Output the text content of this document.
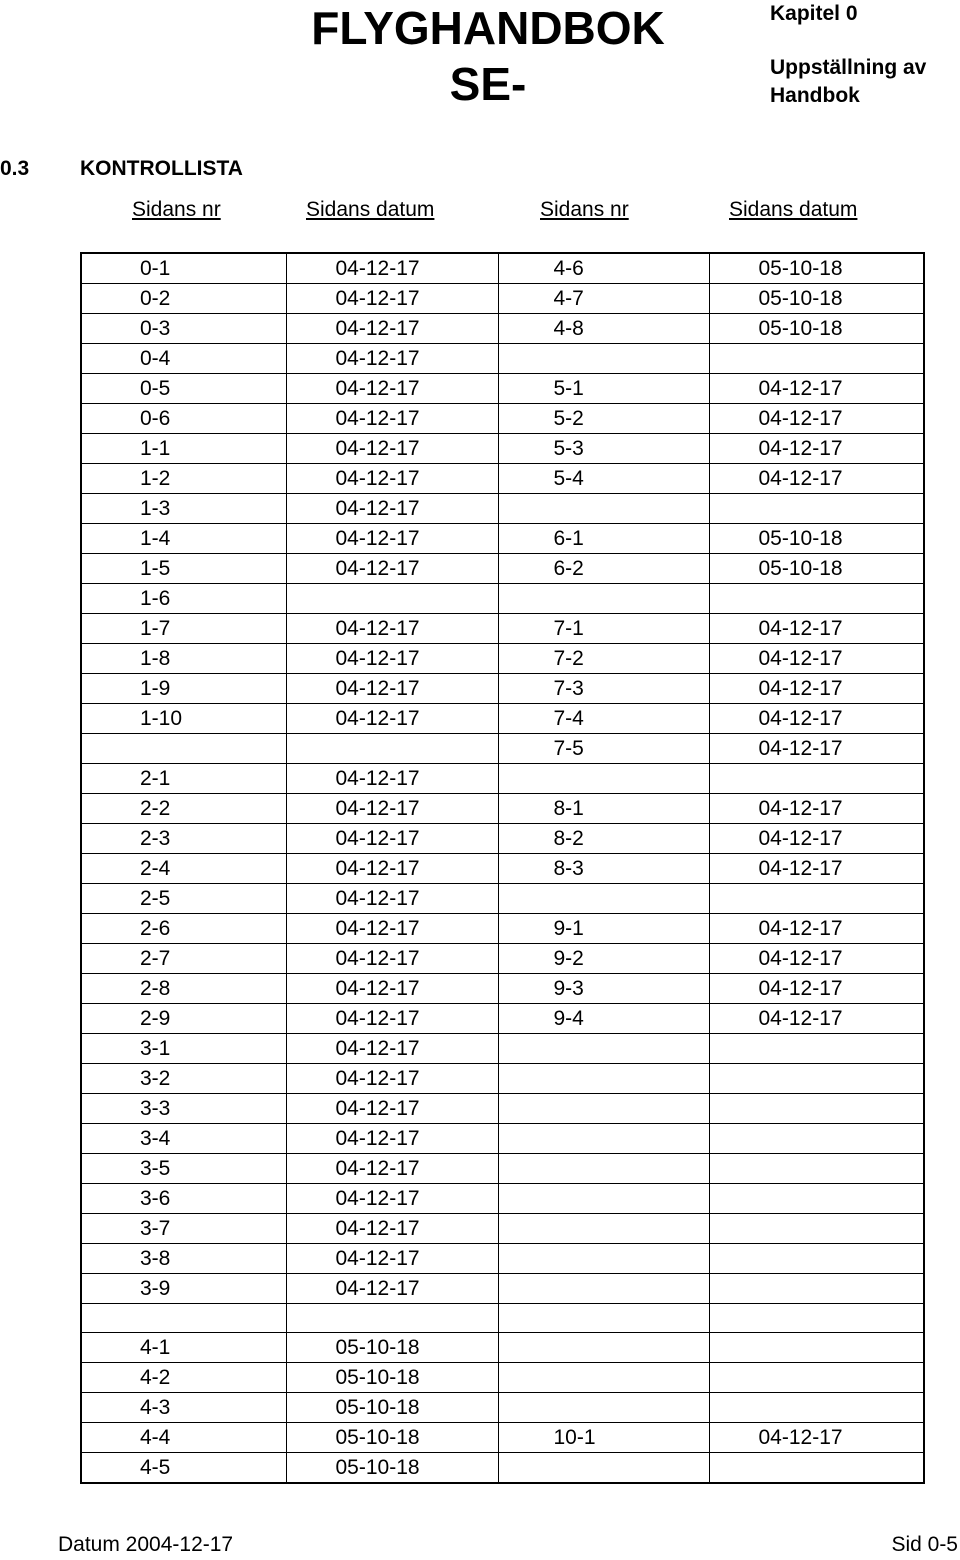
FLYGHANDBOK
SE-
Kapitel 0
Uppställning av Handbok
0.3 KONTROLLISTA
Sidans nr	Sidans datum	Sidans nr	Sidans datum
0-1	04-12-17	4-6	05-10-18
0-2	04-12-17	4-7	05-10-18
0-3	04-12-17	4-8	05-10-18
0-4	04-12-17		
0-5	04-12-17	5-1	04-12-17
0-6	04-12-17	5-2	04-12-17
1-1	04-12-17	5-3	04-12-17
1-2	04-12-17	5-4	04-12-17
1-3	04-12-17		
1-4	04-12-17	6-1	05-10-18
1-5	04-12-17	6-2	05-10-18
1-6			
1-7	04-12-17	7-1	04-12-17
1-8	04-12-17	7-2	04-12-17
1-9	04-12-17	7-3	04-12-17
1-10	04-12-17	7-4	04-12-17
		7-5	04-12-17
2-1	04-12-17		
2-2	04-12-17	8-1	04-12-17
2-3	04-12-17	8-2	04-12-17
2-4	04-12-17	8-3	04-12-17
2-5	04-12-17		
2-6	04-12-17	9-1	04-12-17
2-7	04-12-17	9-2	04-12-17
2-8	04-12-17	9-3	04-12-17
2-9	04-12-17	9-4	04-12-17
3-1	04-12-17		
3-2	04-12-17		
3-3	04-12-17		
3-4	04-12-17		
3-5	04-12-17		
3-6	04-12-17		
3-7	04-12-17		
3-8	04-12-17		
3-9	04-12-17		

4-1	05-10-18		
4-2	05-10-18		
4-3	05-10-18		
4-4	05-10-18	10-1	04-12-17
4-5	05-10-18		
Datum 2004-12-17	Sid 0-5
